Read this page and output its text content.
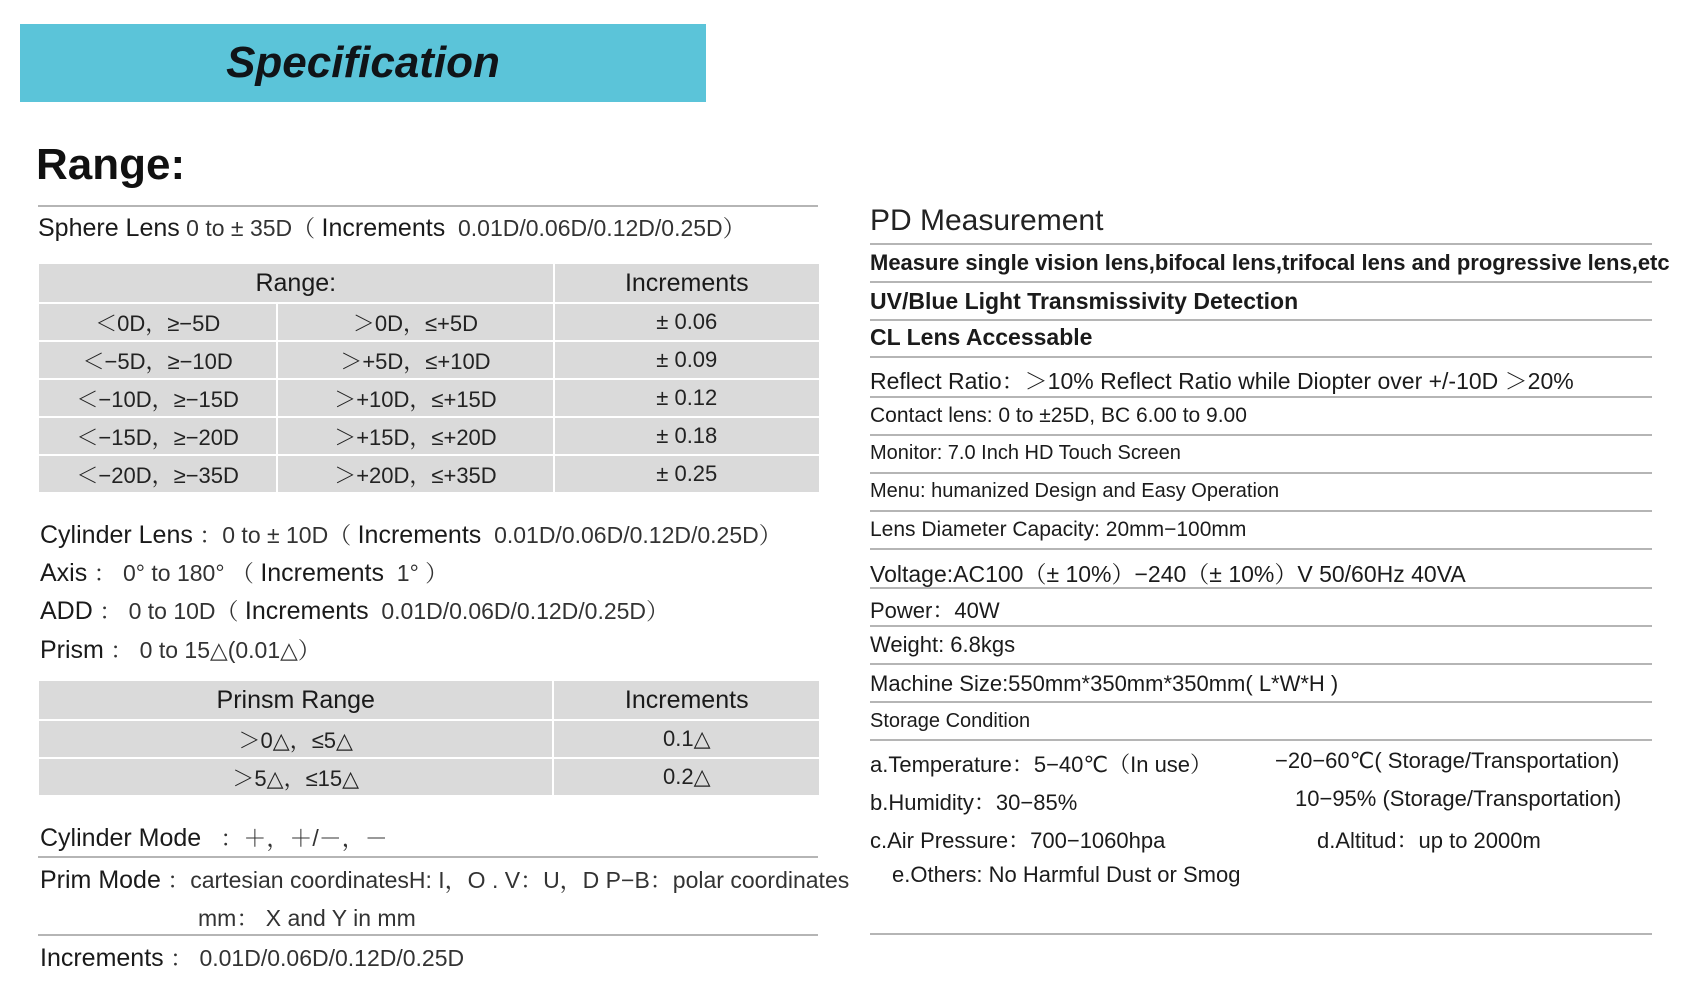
Specification
Range:
Sphere Lens 0 to ± 35D（ Increments 0.01D/0.06D/0.12D/0.25D）
Range:		Increments
＜0D，≥−5D	＞0D，≤+5D	± 0.06
＜−5D，≥−10D	＞+5D，≤+10D	± 0.09
＜−10D，≥−15D	＞+10D，≤+15D	± 0.12
＜−15D，≥−20D	＞+15D，≤+20D	± 0.18
＜−20D，≥−35D	＞+20D，≤+35D	± 0.25
Cylinder Lens ：0 to ± 10D（ Increments 0.01D/0.06D/0.12D/0.25D）
Axis ： 0° to 180° （ Increments 1° ）
ADD ： 0 to 10D（ Increments 0.01D/0.06D/0.12D/0.25D）
Prism ： 0 to 15△(0.01△）
Prinsm Range	Increments
＞0△，≤5△	0.1△
＞5△，≤15△	0.2△
Cylinder Mode ：＋，＋/－，－
Prim Mode ：cartesian coordinatesH: I，O . V：U，D P−B：polar coordinates
mm： X and Y in mm
Increments ： 0.01D/0.06D/0.12D/0.25D
PD Measurement
Measure single vision lens,bifocal lens,trifocal lens and progressive lens,etc
UV/Blue Light Transmissivity Detection
CL Lens Accessable
Reflect Ratio：＞10% Reflect Ratio while Diopter over +/-10D ＞20%
Contact lens: 0 to ±25D, BC 6.00 to 9.00
Monitor: 7.0 Inch HD Touch Screen
Menu: humanized Design and Easy Operation
Lens Diameter Capacity: 20mm−100mm
Voltage:AC100（± 10%）−240（± 10%）V 50/60Hz 40VA
Power：40W
Weight: 6.8kgs
Machine Size:550mm*350mm*350mm( L*W*H )
Storage Condition
a.Temperature：5−40℃（In use）	−20−60℃( Storage/Transportation)
b.Humidity：30−85%	10−95% (Storage/Transportation)
c.Air Pressure：700−1060hpa	d.Altitud：up to 2000m
e.Others: No Harmful Dust or Smog
